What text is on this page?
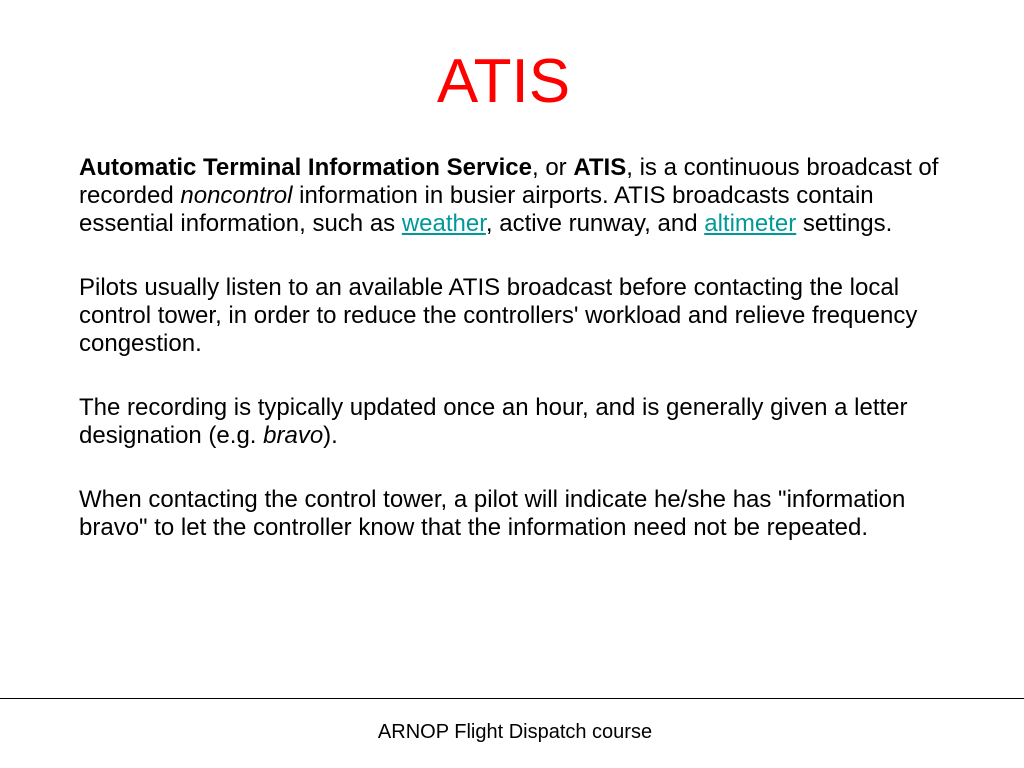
ATIS

Automatic Terminal Information Service, or ATIS, is a continuous broadcast of recorded noncontrol information in busier airports. ATIS broadcasts contain essential information, such as weather, active runway, and altimeter settings.

Pilots usually listen to an available ATIS broadcast before contacting the local control tower, in order to reduce the controllers' workload and relieve frequency congestion.

The recording is typically updated once an hour, and is generally given a letter designation (e.g. bravo).

When contacting the control tower, a pilot will indicate he/she has "information bravo" to let the controller know that the information need not be repeated.

ARNOP Flight Dispatch course
